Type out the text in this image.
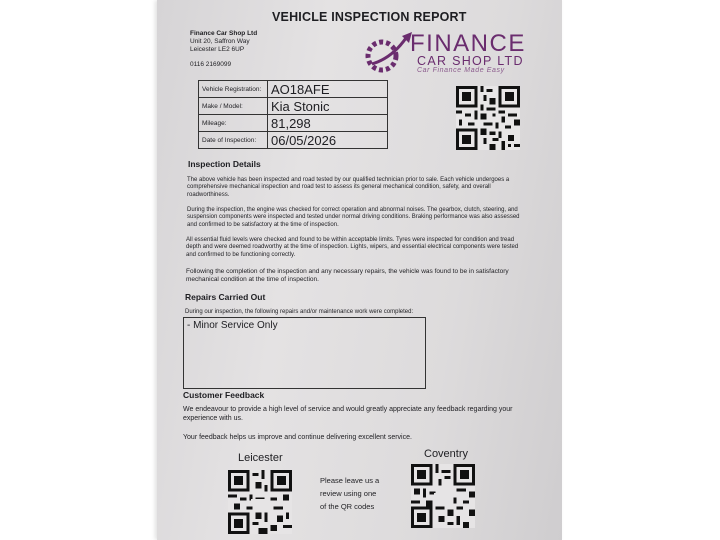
VEHICLE INSPECTION REPORT
Finance Car Shop Ltd
Unit 20, Saffron Way
Leicester LE2 6UP
0116 2169099
FINANCE
CAR SHOP LTD
Car Finance Made Easy
Vehicle Registration:	AO18AFE
Make / Model:	Kia Stonic
Mileage:	81,298
Date of Inspection:	06/05/2026
Inspection Details
The above vehicle has been inspected and road tested by our qualified technician prior to sale. Each vehicle undergoes a comprehensive mechanical inspection and road test to assess its general mechanical condition, safety, and overall roadworthiness.
During the inspection, the engine was checked for correct operation and abnormal noises. The gearbox, clutch, steering, and suspension components were inspected and tested under normal driving conditions. Braking performance was also assessed and confirmed to be satisfactory at the time of inspection.
All essential fluid levels were checked and found to be within acceptable limits. Tyres were inspected for condition and tread depth and were deemed roadworthy at the time of inspection. Lights, wipers, and essential electrical components were tested and confirmed to be functioning correctly.
Following the completion of the inspection and any necessary repairs, the vehicle was found to be in satisfactory mechanical condition at the time of inspection.
Repairs Carried Out
During our inspection, the following repairs and/or maintenance work were completed:
- Minor Service Only
Customer Feedback
We endeavour to provide a high level of service and would greatly appreciate any feedback regarding your experience with us.
Your feedback helps us improve and continue delivering excellent service.
Leicester	Coventry
Please leave us a
review using one
of the QR codes
